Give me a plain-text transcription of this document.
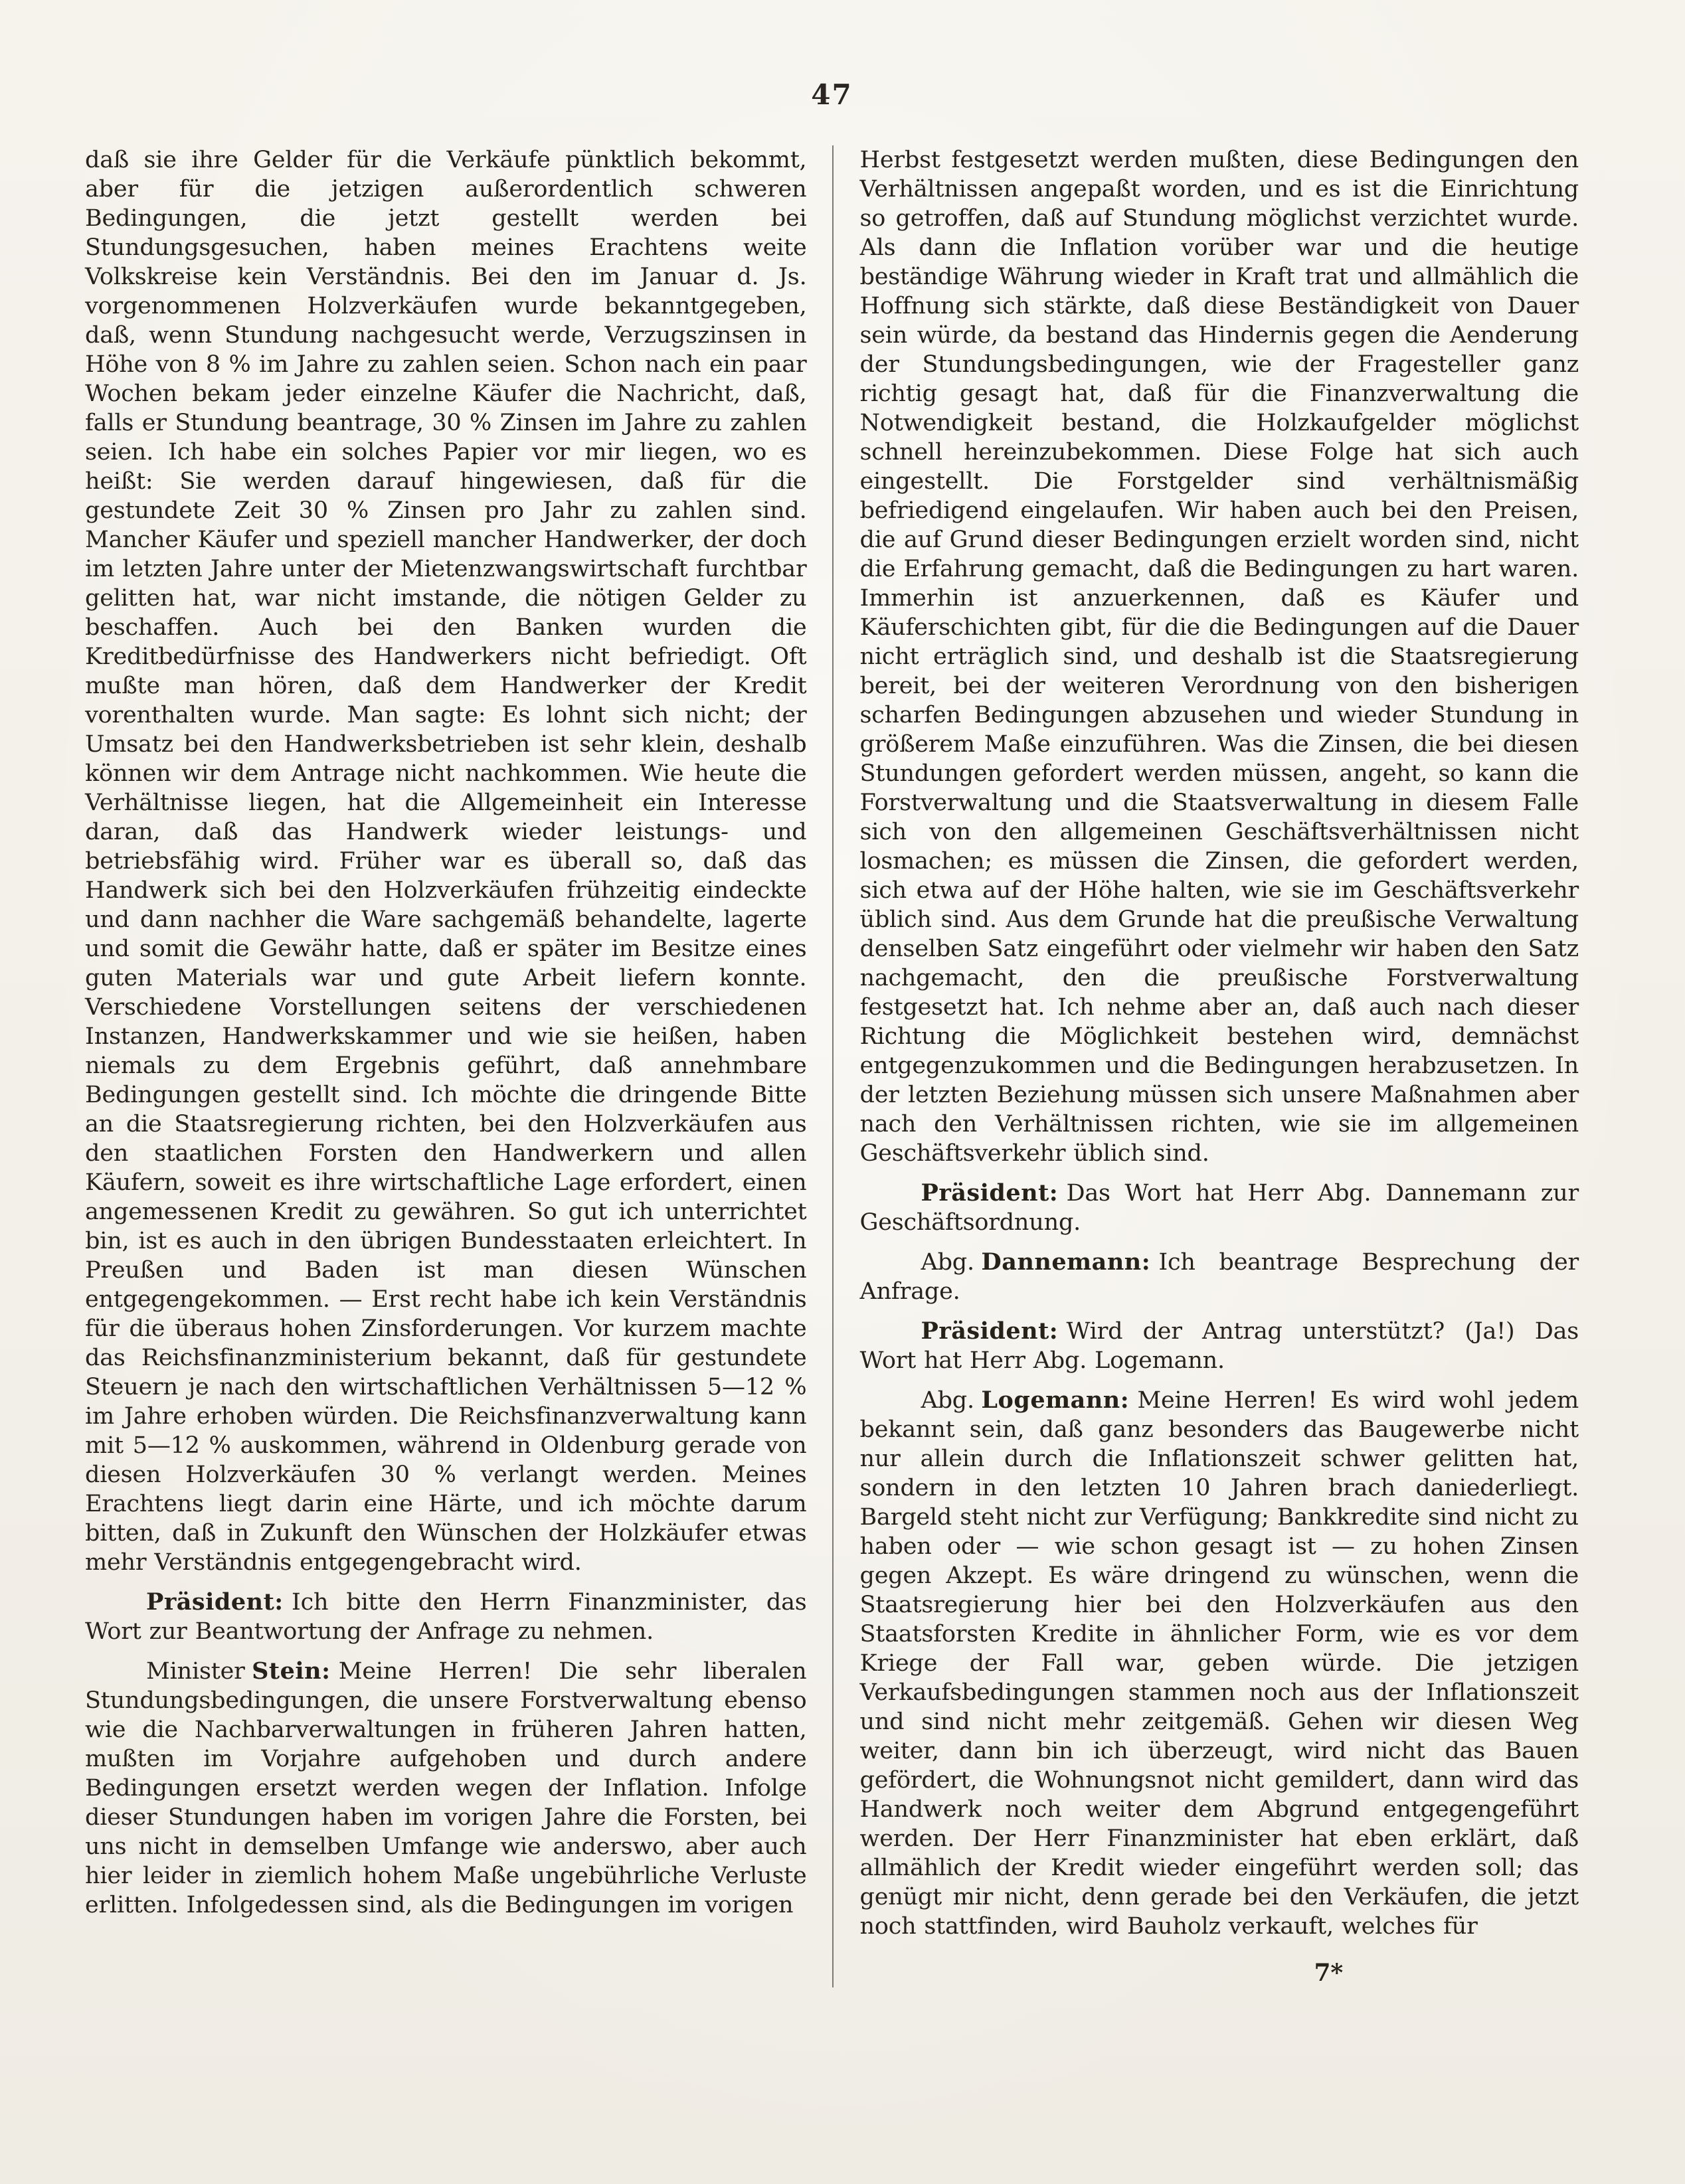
47

daß sie ihre Gelder für die Verkäufe pünktlich bekommt, aber für die jetzigen außerordentlich schweren Bedingungen, die jetzt gestellt werden bei Stundungsgesuchen, haben meines Erachtens weite Volkskreise kein Verständnis. Bei den im Januar d. Js. vorgenommenen Holzverkäufen wurde bekanntgegeben, daß, wenn Stundung nachgesucht werde, Verzugszinsen in Höhe von 8 % im Jahre zu zahlen seien. Schon nach ein paar Wochen bekam jeder einzelne Käufer die Nachricht, daß, falls er Stundung beantrage, 30 % Zinsen im Jahre zu zahlen seien. Ich habe ein solches Papier vor mir liegen, wo es heißt: Sie werden darauf hingewiesen, daß für die gestundete Zeit 30 % Zinsen pro Jahr zu zahlen sind. Mancher Käufer und speziell mancher Handwerker, der doch im letzten Jahre unter der Mietenzwangswirtschaft furchtbar gelitten hat, war nicht imstande, die nötigen Gelder zu beschaffen. Auch bei den Banken wurden die Kreditbedürfnisse des Handwerkers nicht befriedigt. Oft mußte man hören, daß dem Handwerker der Kredit vorenthalten wurde. Man sagte: Es lohnt sich nicht; der Umsatz bei den Handwerksbetrieben ist sehr klein, deshalb können wir dem Antrage nicht nachkommen. Wie heute die Verhältnisse liegen, hat die Allgemeinheit ein Interesse daran, daß das Handwerk wieder leistungs- und betriebsfähig wird. Früher war es überall so, daß das Handwerk sich bei den Holzverkäufen frühzeitig eindeckte und dann nachher die Ware sachgemäß behandelte, lagerte und somit die Gewähr hatte, daß er später im Besitze eines guten Materials war und gute Arbeit liefern konnte. Verschiedene Vorstellungen seitens der verschiedenen Instanzen, Handwerkskammer und wie sie heißen, haben niemals zu dem Ergebnis geführt, daß annehmbare Bedingungen gestellt sind. Ich möchte die dringende Bitte an die Staatsregierung richten, bei den Holzverkäufen aus den staatlichen Forsten den Handwerkern und allen Käufern, soweit es ihre wirtschaftliche Lage erfordert, einen angemessenen Kredit zu gewähren. So gut ich unterrichtet bin, ist es auch in den übrigen Bundesstaaten erleichtert. In Preußen und Baden ist man diesen Wünschen entgegengekommen. — Erst recht habe ich kein Verständnis für die überaus hohen Zinsforderungen. Vor kurzem machte das Reichsfinanzministerium bekannt, daß für gestundete Steuern je nach den wirtschaftlichen Verhältnissen 5—12 % im Jahre erhoben würden. Die Reichsfinanzverwaltung kann mit 5—12 % auskommen, während in Oldenburg gerade von diesen Holzverkäufen 30 % verlangt werden. Meines Erachtens liegt darin eine Härte, und ich möchte darum bitten, daß in Zukunft den Wünschen der Holzkäufer etwas mehr Verständnis entgegengebracht wird.

Präsident: Ich bitte den Herrn Finanzminister, das Wort zur Beantwortung der Anfrage zu nehmen.

Minister Stein: Meine Herren! Die sehr liberalen Stundungsbedingungen, die unsere Forstverwaltung ebenso wie die Nachbarverwaltungen in früheren Jahren hatten, mußten im Vorjahre aufgehoben und durch andere Bedingungen ersetzt werden wegen der Inflation. Infolge dieser Stundungen haben im vorigen Jahre die Forsten, bei uns nicht in demselben Umfange wie anderswo, aber auch hier leider in ziemlich hohem Maße ungebührliche Verluste erlitten. Infolgedessen sind, als die Bedingungen im vorigen

Herbst festgesetzt werden mußten, diese Bedingungen den Verhältnissen angepaßt worden, und es ist die Einrichtung so getroffen, daß auf Stundung möglichst verzichtet wurde. Als dann die Inflation vorüber war und die heutige beständige Währung wieder in Kraft trat und allmählich die Hoffnung sich stärkte, daß diese Beständigkeit von Dauer sein würde, da bestand das Hindernis gegen die Aenderung der Stundungsbedingungen, wie der Fragesteller ganz richtig gesagt hat, daß für die Finanzverwaltung die Notwendigkeit bestand, die Holzkaufgelder möglichst schnell hereinzubekommen. Diese Folge hat sich auch eingestellt. Die Forstgelder sind verhältnismäßig befriedigend eingelaufen. Wir haben auch bei den Preisen, die auf Grund dieser Bedingungen erzielt worden sind, nicht die Erfahrung gemacht, daß die Bedingungen zu hart waren. Immerhin ist anzuerkennen, daß es Käufer und Käuferschichten gibt, für die die Bedingungen auf die Dauer nicht erträglich sind, und deshalb ist die Staatsregierung bereit, bei der weiteren Verordnung von den bisherigen scharfen Bedingungen abzusehen und wieder Stundung in größerem Maße einzuführen. Was die Zinsen, die bei diesen Stundungen gefordert werden müssen, angeht, so kann die Forstverwaltung und die Staatsverwaltung in diesem Falle sich von den allgemeinen Geschäftsverhältnissen nicht losmachen; es müssen die Zinsen, die gefordert werden, sich etwa auf der Höhe halten, wie sie im Geschäftsverkehr üblich sind. Aus dem Grunde hat die preußische Verwaltung denselben Satz eingeführt oder vielmehr wir haben den Satz nachgemacht, den die preußische Forstverwaltung festgesetzt hat. Ich nehme aber an, daß auch nach dieser Richtung die Möglichkeit bestehen wird, demnächst entgegenzukommen und die Bedingungen herabzusetzen. In der letzten Beziehung müssen sich unsere Maßnahmen aber nach den Verhältnissen richten, wie sie im allgemeinen Geschäftsverkehr üblich sind.

Präsident: Das Wort hat Herr Abg. Dannemann zur Geschäftsordnung.

Abg. Dannemann: Ich beantrage Besprechung der Anfrage.

Präsident: Wird der Antrag unterstützt? (Ja!) Das Wort hat Herr Abg. Logemann.

Abg. Logemann: Meine Herren! Es wird wohl jedem bekannt sein, daß ganz besonders das Baugewerbe nicht nur allein durch die Inflationszeit schwer gelitten hat, sondern in den letzten 10 Jahren brach daniederliegt. Bargeld steht nicht zur Verfügung; Bankkredite sind nicht zu haben oder — wie schon gesagt ist — zu hohen Zinsen gegen Akzept. Es wäre dringend zu wünschen, wenn die Staatsregierung hier bei den Holzverkäufen aus den Staatsforsten Kredite in ähnlicher Form, wie es vor dem Kriege der Fall war, geben würde. Die jetzigen Verkaufsbedingungen stammen noch aus der Inflationszeit und sind nicht mehr zeitgemäß. Gehen wir diesen Weg weiter, dann bin ich überzeugt, wird nicht das Bauen gefördert, die Wohnungsnot nicht gemildert, dann wird das Handwerk noch weiter dem Abgrund entgegengeführt werden. Der Herr Finanzminister hat eben erklärt, daß allmählich der Kredit wieder eingeführt werden soll; das genügt mir nicht, denn gerade bei den Verkäufen, die jetzt noch stattfinden, wird Bauholz verkauft, welches für

7*
